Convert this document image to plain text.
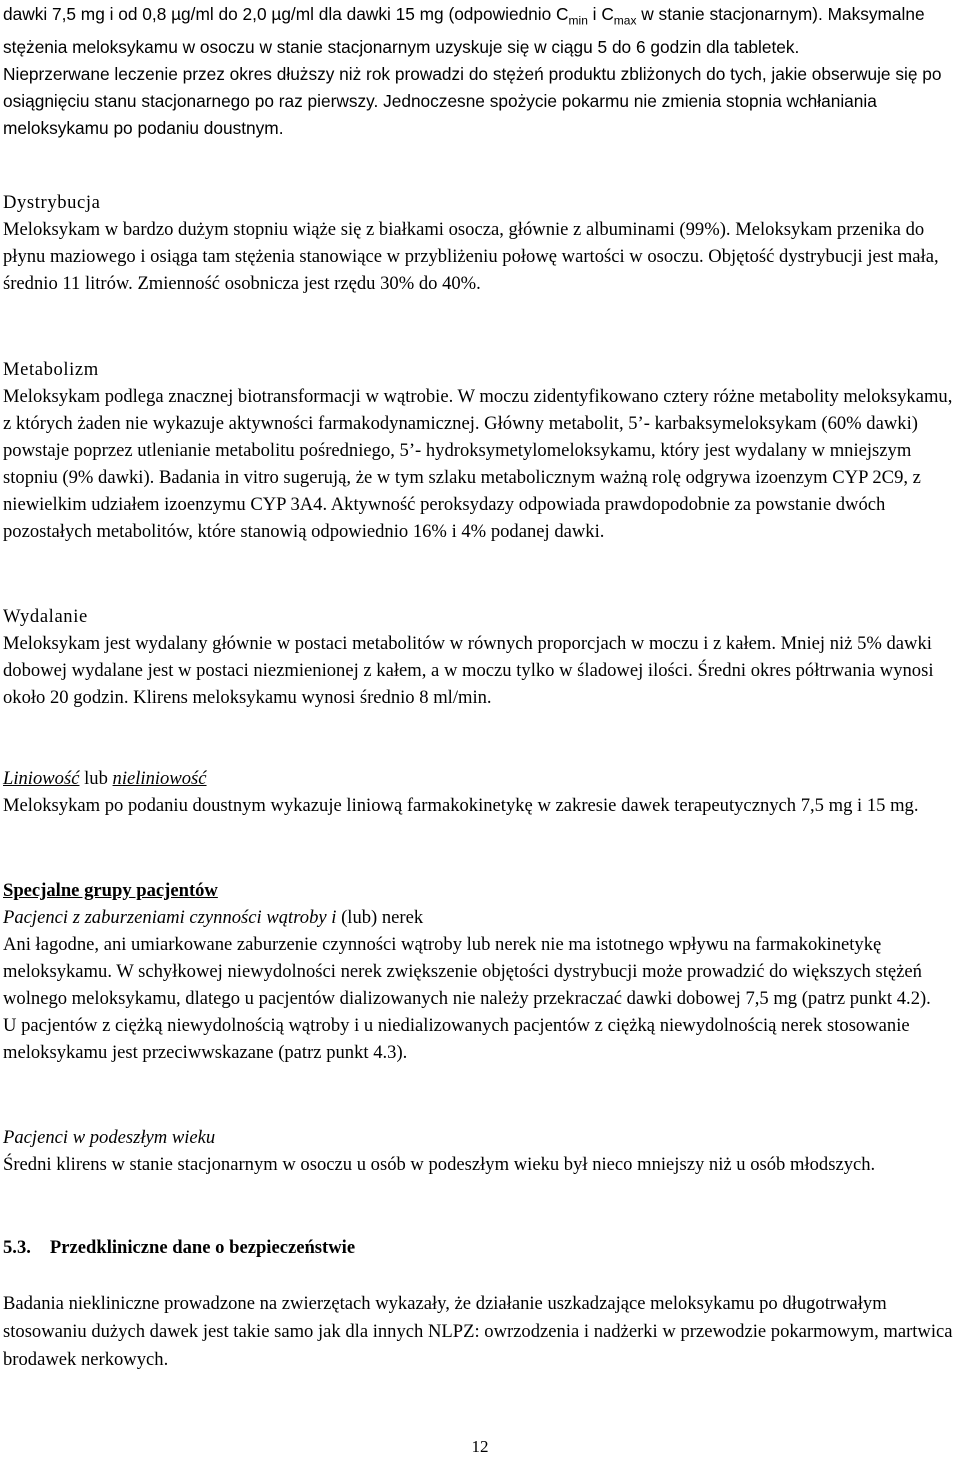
dawki 7,5 mg i od 0,8 µg/ml do 2,0 µg/ml dla dawki 15 mg (odpowiednio $C_{min}$ i $C_{max}$ w stanie stacjonarnym). Maksymalne stężenia meloksykamu w osoczu w stanie stacjonarnym uzyskuje się w ciągu 5 do 6 godzin dla tabletek.

Nieprzerwane leczenie przez okres dłuższy niż rok prowadzi do stężeń produktu zbliżonych do tych, jakie obserwuje się po osiągnięciu stanu stacjonarnego po raz pierwszy. Jednoczesne spożycie pokarmu nie zmienia stopnia wchłaniania meloksykamu po podaniu doustnym.

Dystrybucja

Meloksykam w bardzo dużym stopniu wiąże się z białkami osocza, głównie z albuminami (99%). Meloksykam przenika do płynu maziowego i osiąga tam stężenia stanowiące w przybliżeniu połowę wartości w osoczu. Objętość dystrybucji jest mała, średnio 11 litrów. Zmienność osobnicza jest rzędu 30% do 40%.

Metabolizm

Meloksykam podlega znacznej biotransformacji w wątrobie. W moczu zidentyfikowano cztery różne metabolity meloksykamu, z których żaden nie wykazuje aktywności farmakodynamicznej. Główny metabolit, 5’- karbaksymeloksykam (60% dawki) powstaje poprzez utlenianie metabolitu pośredniego, 5’- hydroksymetylomeloksykamu, który jest wydalany w mniejszym stopniu (9% dawki). Badania in vitro sugerują, że w tym szlaku metabolicznym ważną rolę odgrywa izoenzym CYP 2C9, z niewielkim udziałem izoenzymu CYP 3A4. Aktywność peroksydazy odpowiada prawdopodobnie za powstanie dwóch pozostałych metabolitów, które stanowią odpowiednio 16% i 4% podanej dawki.

Wydalanie

Meloksykam jest wydalany głównie w postaci metabolitów w równych proporcjach w moczu i z kałem. Mniej niż 5% dawki dobowej wydalane jest w postaci niezmienionej z kałem, a w moczu tylko w śladowej ilości. Średni okres półtrwania wynosi około 20 godzin. Klirens meloksykamu wynosi średnio 8 ml/min.

Liniowość lub nieliniowość

Meloksykam po podaniu doustnym wykazuje liniową farmakokinetykę w zakresie dawek terapeutycznych 7,5 mg i 15 mg.

Specjalne grupy pacjentów

Pacjenci z zaburzeniami czynności wątroby i (lub) nerek

Ani łagodne, ani umiarkowane zaburzenie czynności wątroby lub nerek nie ma istotnego wpływu na farmakokinetykę meloksykamu. W schyłkowej niewydolności nerek zwiększenie objętości dystrybucji może prowadzić do większych stężeń wolnego meloksykamu, dlatego u pacjentów dializowanych nie należy przekraczać dawki dobowej 7,5 mg (patrz punkt 4.2).

U pacjentów z ciężką niewydolnością wątroby i u niedializowanych pacjentów z ciężką niewydolnością nerek stosowanie meloksykamu jest przeciwwskazane (patrz punkt 4.3).

Pacjenci w podeszłym wieku

Średni klirens w stanie stacjonarnym w osoczu u osób w podeszłym wieku był nieco mniejszy niż u osób młodszych.

5.3. Przedkliniczne dane o bezpieczeństwie

Badania niekliniczne prowadzone na zwierzętach wykazały, że działanie uszkadzające meloksykamu po długotrwałym stosowaniu dużych dawek jest takie samo jak dla innych NLPZ: owrzodzenia i nadżerki w przewodzie pokarmowym, martwica brodawek nerkowych.

12
